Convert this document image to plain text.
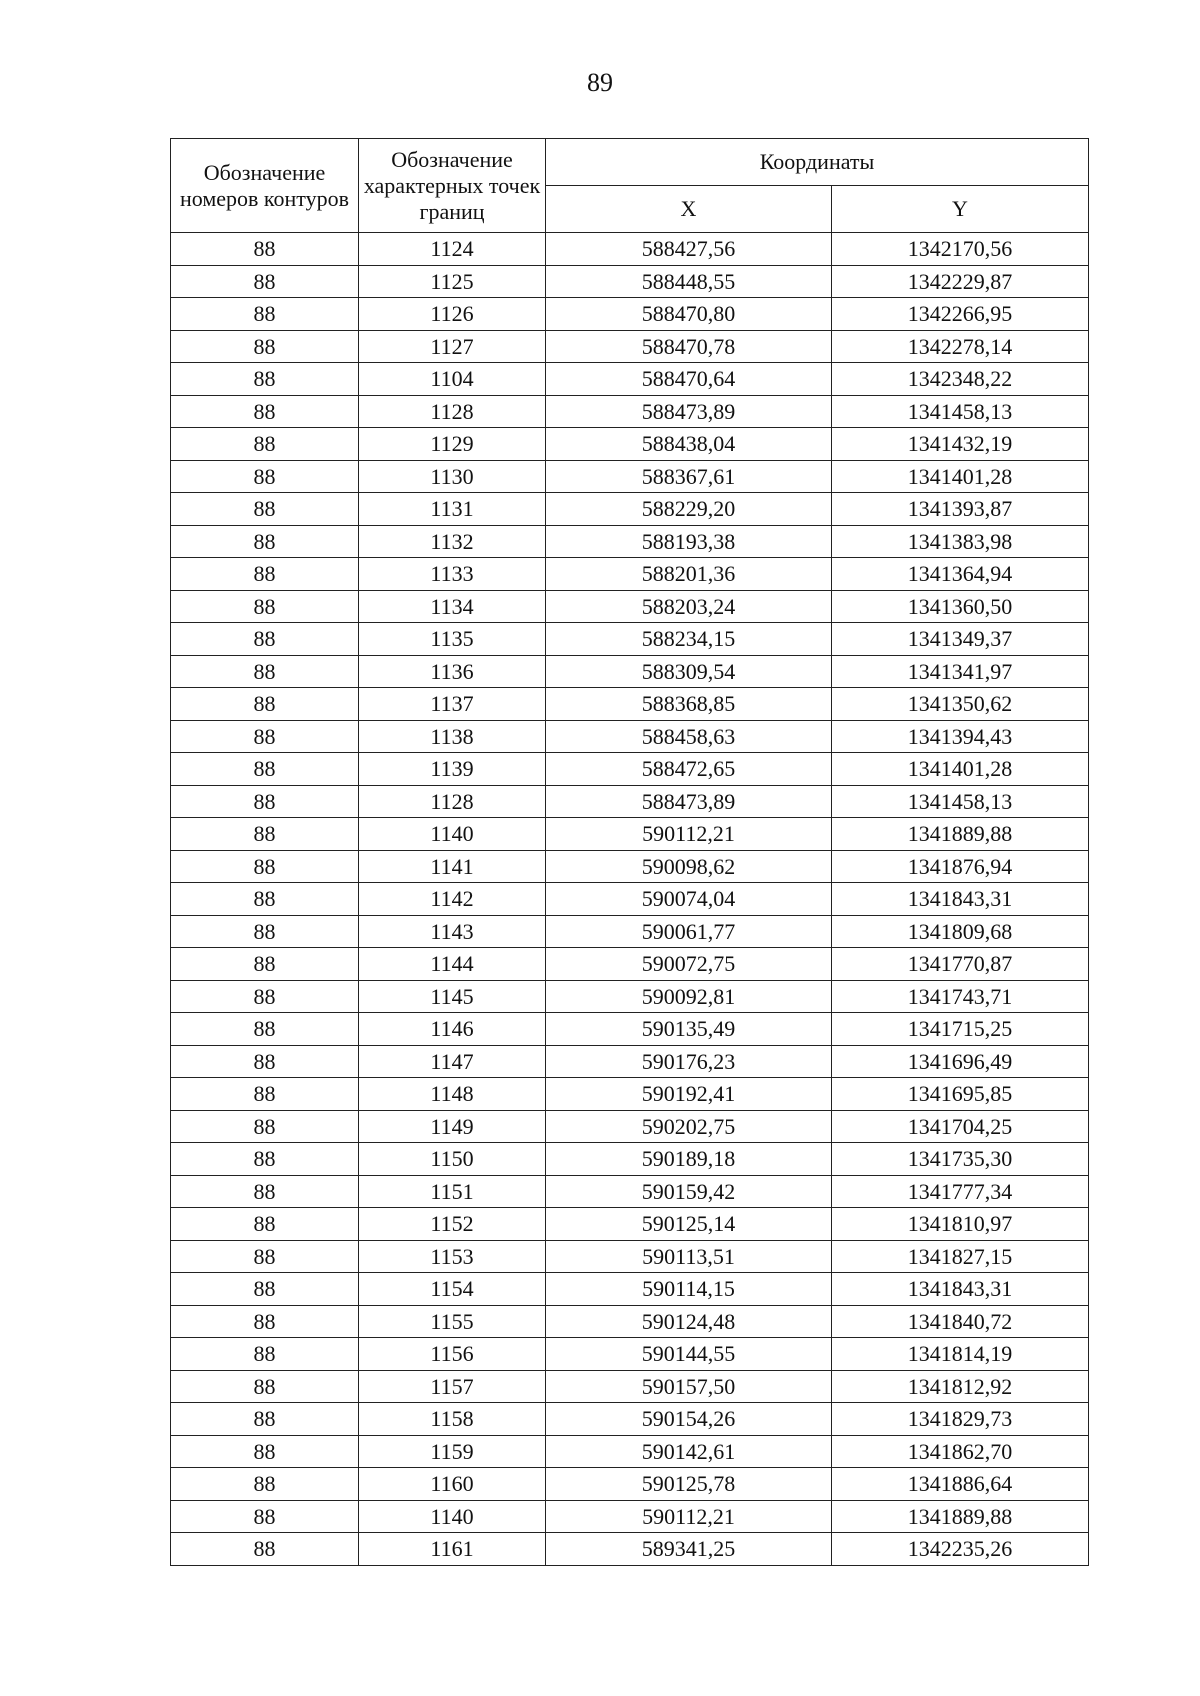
89
Обозначение номеров контуров	Обозначение характерных точек границ	Координаты	
		X	Y
88	1124	588427,56	1342170,56
88	1125	588448,55	1342229,87
88	1126	588470,80	1342266,95
88	1127	588470,78	1342278,14
88	1104	588470,64	1342348,22
88	1128	588473,89	1341458,13
88	1129	588438,04	1341432,19
88	1130	588367,61	1341401,28
88	1131	588229,20	1341393,87
88	1132	588193,38	1341383,98
88	1133	588201,36	1341364,94
88	1134	588203,24	1341360,50
88	1135	588234,15	1341349,37
88	1136	588309,54	1341341,97
88	1137	588368,85	1341350,62
88	1138	588458,63	1341394,43
88	1139	588472,65	1341401,28
88	1128	588473,89	1341458,13
88	1140	590112,21	1341889,88
88	1141	590098,62	1341876,94
88	1142	590074,04	1341843,31
88	1143	590061,77	1341809,68
88	1144	590072,75	1341770,87
88	1145	590092,81	1341743,71
88	1146	590135,49	1341715,25
88	1147	590176,23	1341696,49
88	1148	590192,41	1341695,85
88	1149	590202,75	1341704,25
88	1150	590189,18	1341735,30
88	1151	590159,42	1341777,34
88	1152	590125,14	1341810,97
88	1153	590113,51	1341827,15
88	1154	590114,15	1341843,31
88	1155	590124,48	1341840,72
88	1156	590144,55	1341814,19
88	1157	590157,50	1341812,92
88	1158	590154,26	1341829,73
88	1159	590142,61	1341862,70
88	1160	590125,78	1341886,64
88	1140	590112,21	1341889,88
88	1161	589341,25	1342235,26
